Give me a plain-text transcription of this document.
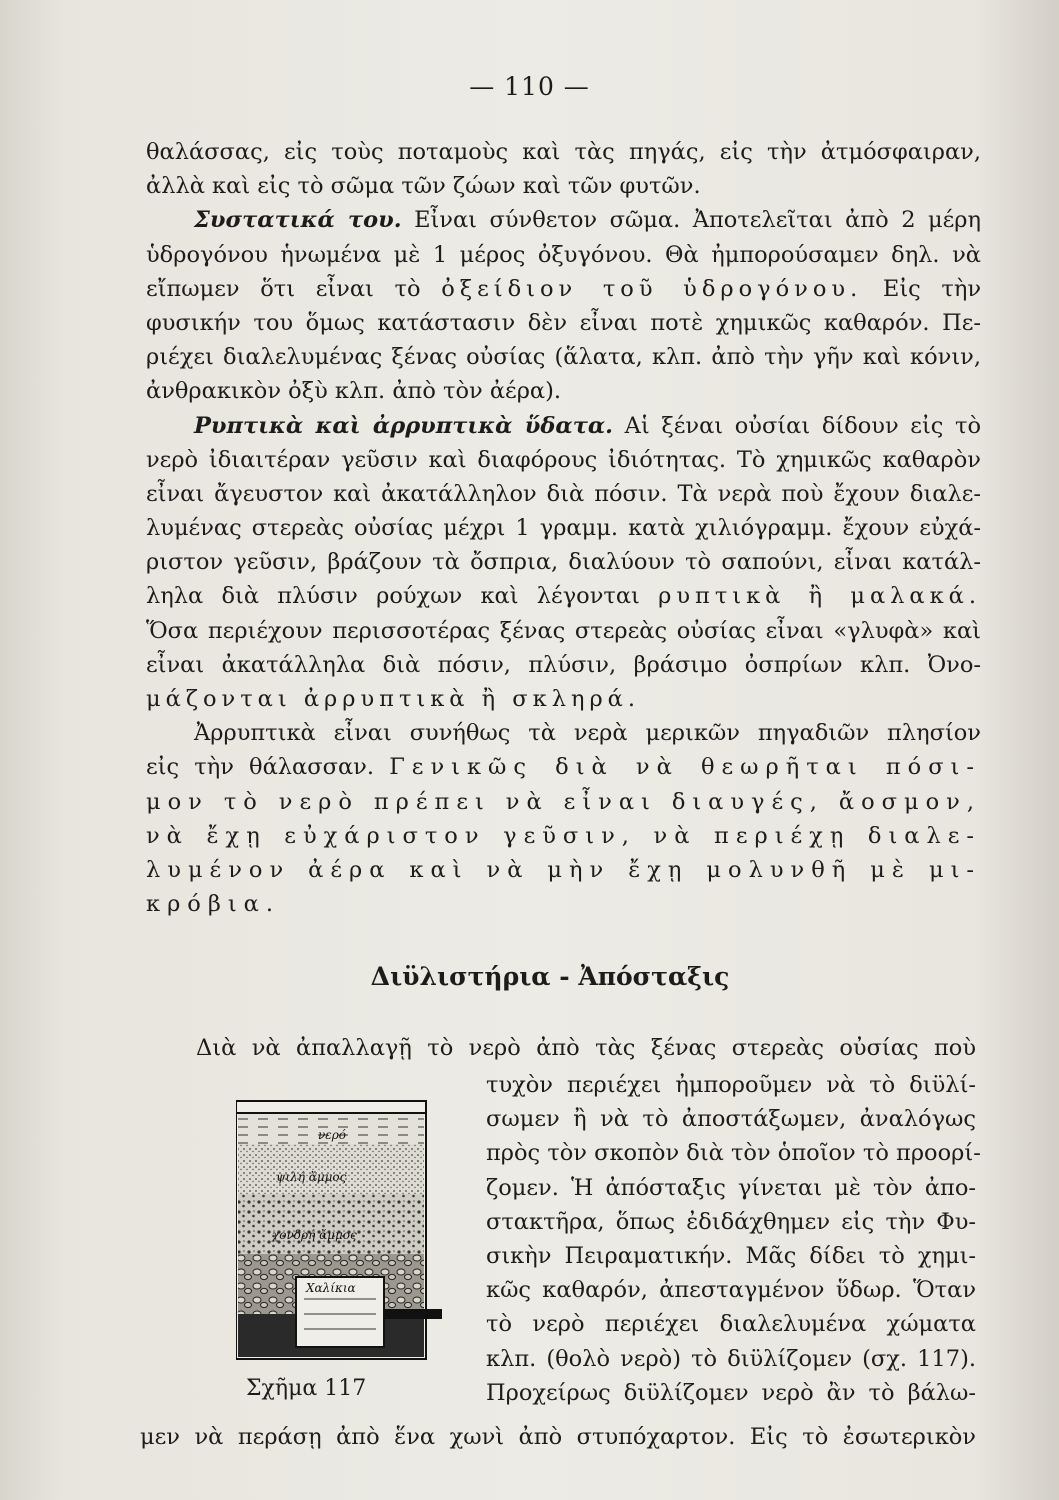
— 110 —
θαλάσσας, εἰς τοὺς ποταμοὺς καὶ τὰς πηγάς, εἰς τὴν ἀτμόσφαιραν,
ἀλλὰ καὶ εἰς τὸ σῶμα τῶν ζώων καὶ τῶν φυτῶν.
Συστατικά του. Εἶναι σύνθετον σῶμα. Ἀποτελεῖται ἀπὸ 2 μέρη
ὑδρογόνου ἡνωμένα μὲ 1 μέρος ὀξυγόνου. Θὰ ἠμπορούσαμεν δηλ. νὰ
εἴπωμεν ὅτι εἶναι τὸ ὀξείδιον τοῦ ὑδρογόνου. Εἰς τὴν
φυσικήν του ὅμως κατάστασιν δὲν εἶναι ποτὲ χημικῶς καθαρόν. Πε-
ριέχει διαλελυμένας ξένας οὐσίας (ἅλατα, κλπ. ἀπὸ τὴν γῆν καὶ κόνιν,
ἀνθρακικὸν ὀξὺ κλπ. ἀπὸ τὸν ἀέρα).
Ρυπτικὰ καὶ ἀρρυπτικὰ ὕδατα. Αἱ ξέναι οὐσίαι δίδουν εἰς τὸ
νερὸ ἰδιαιτέραν γεῦσιν καὶ διαφόρους ἰδιότητας. Τὸ χημικῶς καθαρὸν
εἶναι ἄγευστον καὶ ἀκατάλληλον διὰ πόσιν. Τὰ νερὰ ποὺ ἔχουν διαλε-
λυμένας στερεὰς οὐσίας μέχρι 1 γραμμ. κατὰ χιλιόγραμμ. ἔχουν εὐχά-
ριστον γεῦσιν, βράζουν τὰ ὄσπρια, διαλύουν τὸ σαπούνι, εἶναι κατάλ-
ληλα διὰ πλύσιν ρούχων καὶ λέγονται ρυπτικὰ ἢ μαλακά.
Ὅσα περιέχουν περισσοτέρας ξένας στερεὰς οὐσίας εἶναι «γλυφὰ» καὶ
εἶναι ἀκατάλληλα διὰ πόσιν, πλύσιν, βράσιμο ὀσπρίων κλπ. Ὀνο-
μάζονται ἀρρυπτικὰ ἢ σκληρά.
Ἀρρυπτικὰ εἶναι συνήθως τὰ νερὰ μερικῶν πηγαδιῶν πλησίον
εἰς τὴν θάλασσαν. Γενικῶς διὰ νὰ θεωρῆται πόσι-
μον τὸ νερὸ πρέπει νὰ εἶναι διαυγές, ἄοσμον,
νὰ ἔχῃ εὐχάριστον γεῦσιν, νὰ περιέχῃ διαλε-
λυμένον ἀέρα καὶ νὰ μὴν ἔχῃ μολυνθῆ μὲ μι-
κρόβια.
Διϋλιστήρια - Ἀπόσταξις
Διὰ νὰ ἀπαλλαγῇ τὸ νερὸ ἀπὸ τὰς ξένας στερεὰς οὐσίας ποὺ
νερό
ψιλή ἄμμος
χονδρή ἄμμος
Χαλίκια
Σχῆμα 117
τυχὸν περιέχει ἠμποροῦμεν νὰ τὸ διϋλί-
σωμεν ἢ νὰ τὸ ἀποστάξωμεν, ἀναλόγως
πρὸς τὸν σκοπὸν διὰ τὸν ὁποῖον τὸ προορί-
ζομεν. Ἡ ἀπόσταξις γίνεται μὲ τὸν ἀπο-
στακτῆρα, ὅπως ἐδιδάχθημεν εἰς τὴν Φυ-
σικὴν Πειραματικήν. Μᾶς δίδει τὸ χημι-
κῶς καθαρόν, ἀπεσταγμένον ὕδωρ. Ὅταν
τὸ νερὸ περιέχει διαλελυμένα χώματα
κλπ. (θολὸ νερὸ) τὸ διϋλίζομεν (σχ. 117).
Προχείρως διϋλίζομεν νερὸ ἂν τὸ βάλω-
μεν νὰ περάσῃ ἀπὸ ἕνα χωνὶ ἀπὸ στυπόχαρτον. Εἰς τὸ ἐσωτερικὸν
